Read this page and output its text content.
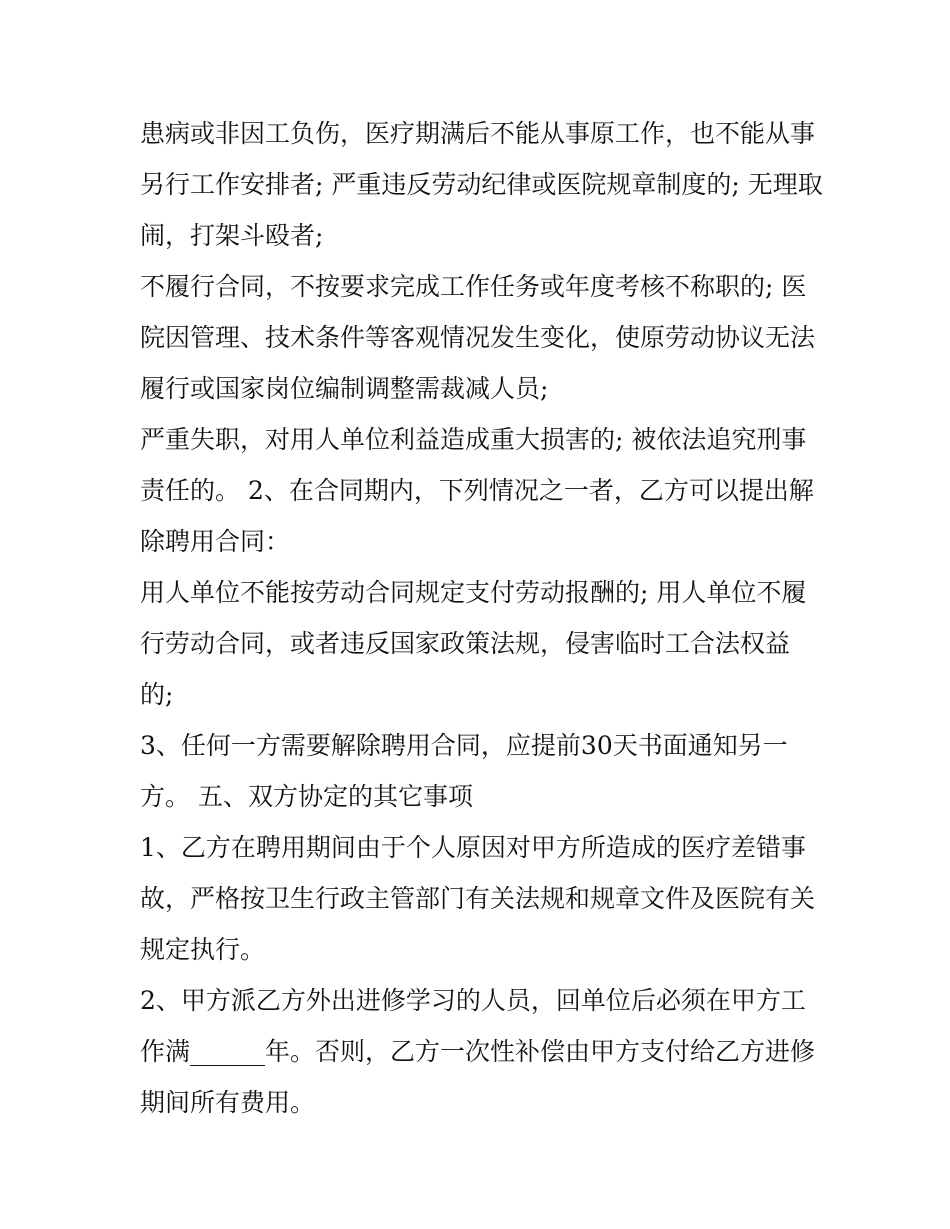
患病或非因工负伤，医疗期满后不能从事原工作，也不能从事
另行工作安排者; 严重违反劳动纪律或医院规章制度的; 无理取
闹，打架斗殴者;
不履行合同，不按要求完成工作任务或年度考核不称职的; 医
院因管理、技术条件等客观情况发生变化，使原劳动协议无法
履行或国家岗位编制调整需裁减人员;
严重失职，对用人单位利益造成重大损害的; 被依法追究刑事
责任的。 2、在合同期内，下列情况之一者，乙方可以提出解
除聘用合同：
用人单位不能按劳动合同规定支付劳动报酬的; 用人单位不履
行劳动合同，或者违反国家政策法规，侵害临时工合法权益
的;
3、任何一方需要解除聘用合同，应提前30天书面通知另一
方。 五、双方协定的其它事项
1、乙方在聘用期间由于个人原因对甲方所造成的医疗差错事
故，严格按卫生行政主管部门有关法规和规章文件及医院有关
规定执行。
2、甲方派乙方外出进修学习的人员，回单位后必须在甲方工
作满______年。否则，乙方一次性补偿由甲方支付给乙方进修
期间所有费用。
